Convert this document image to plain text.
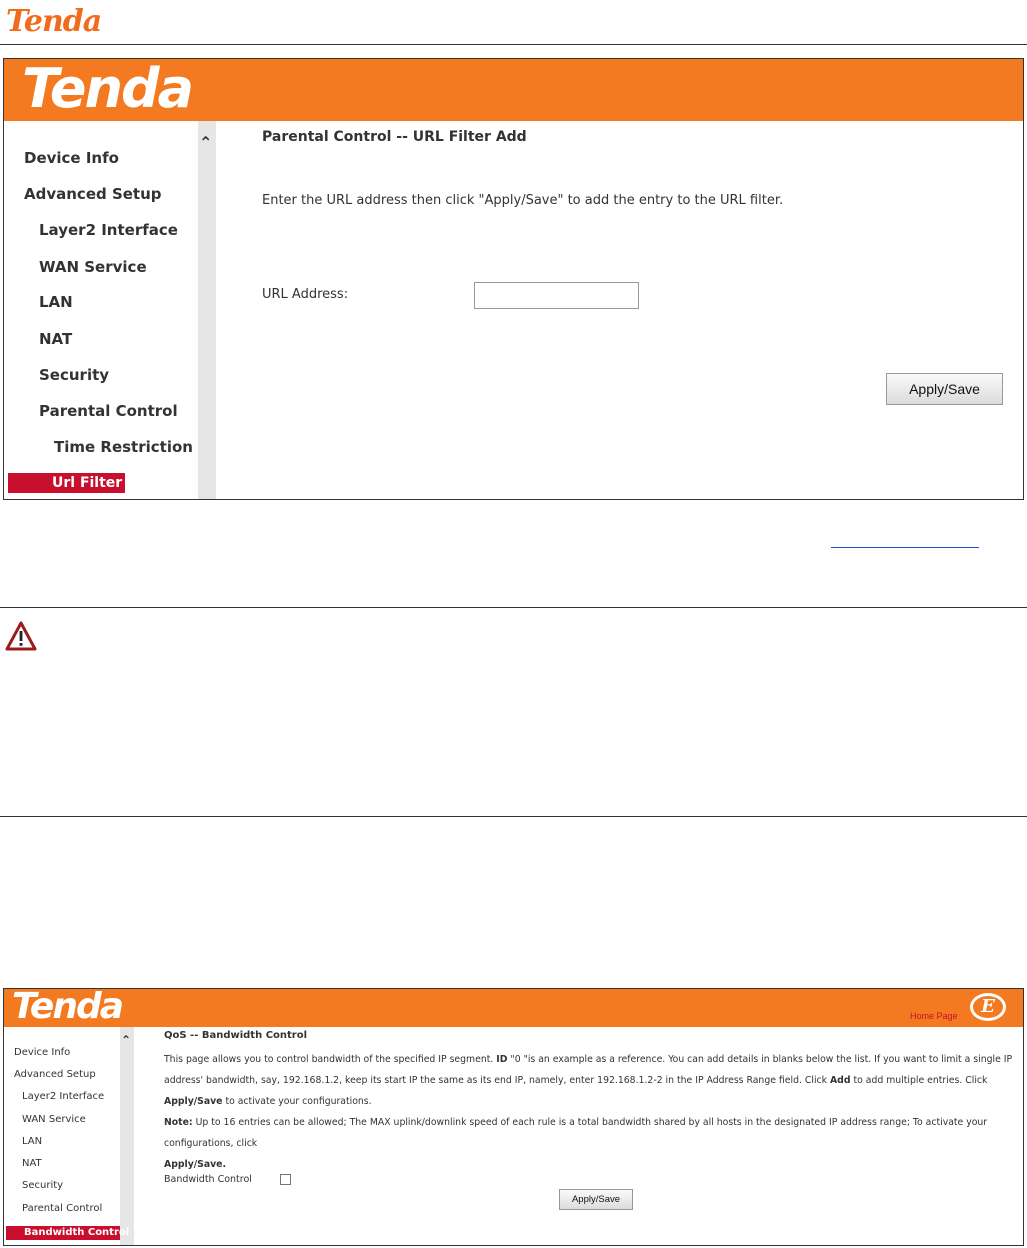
Tenda
Tenda
⌃
Device Info
Advanced Setup
Layer2 Interface
WAN Service
LAN
NAT
Security
Parental Control
Time Restriction
Url Filter
Parental Control -- URL Filter Add
Enter the URL address then click "Apply/Save" to add the entry to the URL filter.
URL Address:
Apply/Save
Tenda	Home Page	E
⌃
Device Info
Advanced Setup
Layer2 Interface
WAN Service
LAN
NAT
Security
Parental Control
Bandwidth Control
QoS -- Bandwidth Control
This page allows you to control bandwidth of the specified IP segment. ID "0 "is an example as a reference. You can add details in blanks below the list. If you want to limit a single IP address' bandwidth, say, 192.168.1.2, keep its start IP the same as its end IP, namely, enter 192.168.1.2-2 in the IP Address Range field. Click Add to add multiple entries. Click Apply/Save to activate your configurations.
Note: Up to 16 entries can be allowed; The MAX uplink/downlink speed of each rule is a total bandwidth shared by all hosts in the designated IP address range; To activate your configurations, click
Apply/Save.
Bandwidth Control
Apply/Save
